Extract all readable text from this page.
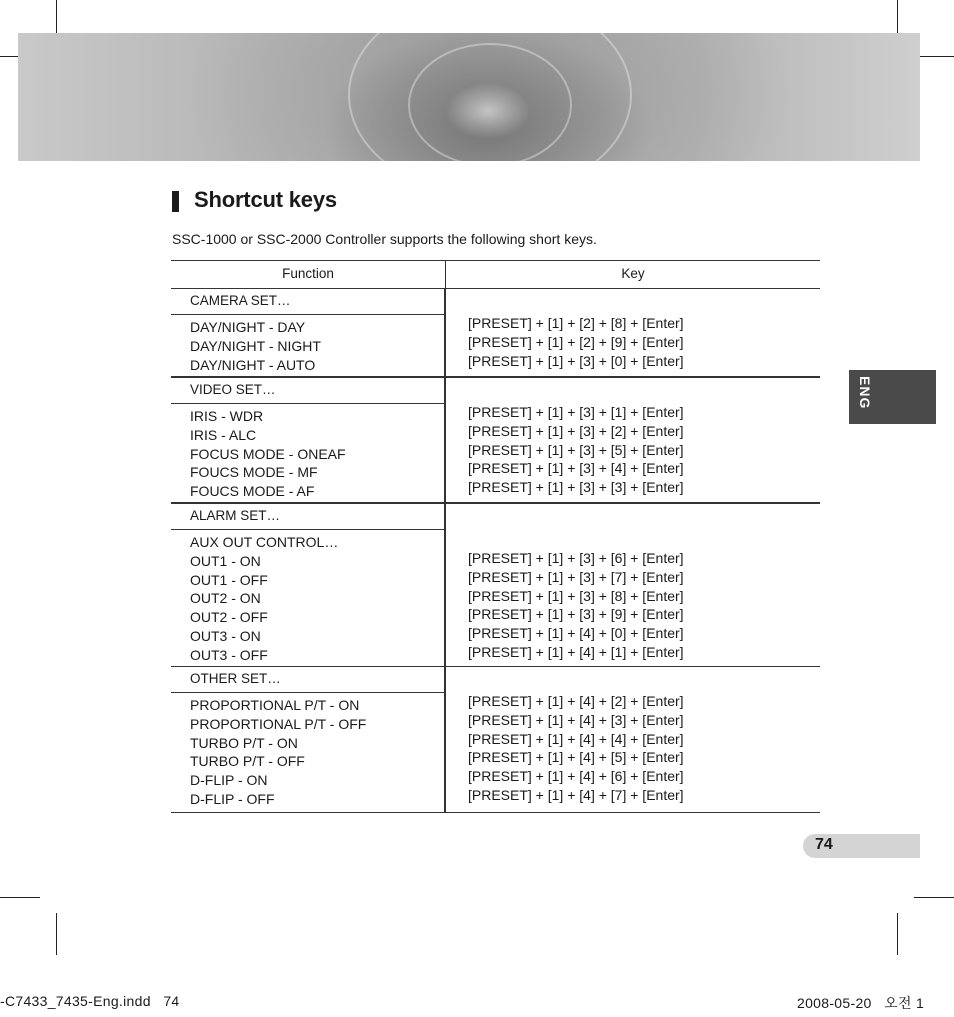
Shortcut keys
SSC-1000 or SSC-2000 Controller supports the following short keys.
Function	Key
CAMERA SET…
DAY/NIGHT - DAY
DAY/NIGHT - NIGHT
DAY/NIGHT - AUTO
[PRESET] + [1] + [2] + [8] + [Enter]
[PRESET] + [1] + [2] + [9] + [Enter]
[PRESET] + [1] + [3] + [0] + [Enter]
VIDEO SET…
IRIS - WDR
IRIS - ALC
FOCUS MODE - ONEAF
FOUCS MODE - MF
FOUCS MODE - AF
[PRESET] + [1] + [3] + [1] + [Enter]
[PRESET] + [1] + [3] + [2] + [Enter]
[PRESET] + [1] + [3] + [5] + [Enter]
[PRESET] + [1] + [3] + [4] + [Enter]
[PRESET] + [1] + [3] + [3] + [Enter]
ALARM SET…
AUX OUT CONTROL…
OUT1 - ON
OUT1 - OFF
OUT2 - ON
OUT2 - OFF
OUT3 - ON
OUT3 - OFF
[PRESET] + [1] + [3] + [6] + [Enter]
[PRESET] + [1] + [3] + [7] + [Enter]
[PRESET] + [1] + [3] + [8] + [Enter]
[PRESET] + [1] + [3] + [9] + [Enter]
[PRESET] + [1] + [4] + [0] + [Enter]
[PRESET] + [1] + [4] + [1] + [Enter]
OTHER SET…
PROPORTIONAL P/T - ON
PROPORTIONAL P/T - OFF
TURBO P/T - ON
TURBO P/T - OFF
D-FLIP - ON
D-FLIP - OFF
[PRESET] + [1] + [4] + [2] + [Enter]
[PRESET] + [1] + [4] + [3] + [Enter]
[PRESET] + [1] + [4] + [4] + [Enter]
[PRESET] + [1] + [4] + [5] + [Enter]
[PRESET] + [1] + [4] + [6] + [Enter]
[PRESET] + [1] + [4] + [7] + [Enter]
ENG
74
-C7433_7435-Eng.indd   74	2008-05-20   오전 1
